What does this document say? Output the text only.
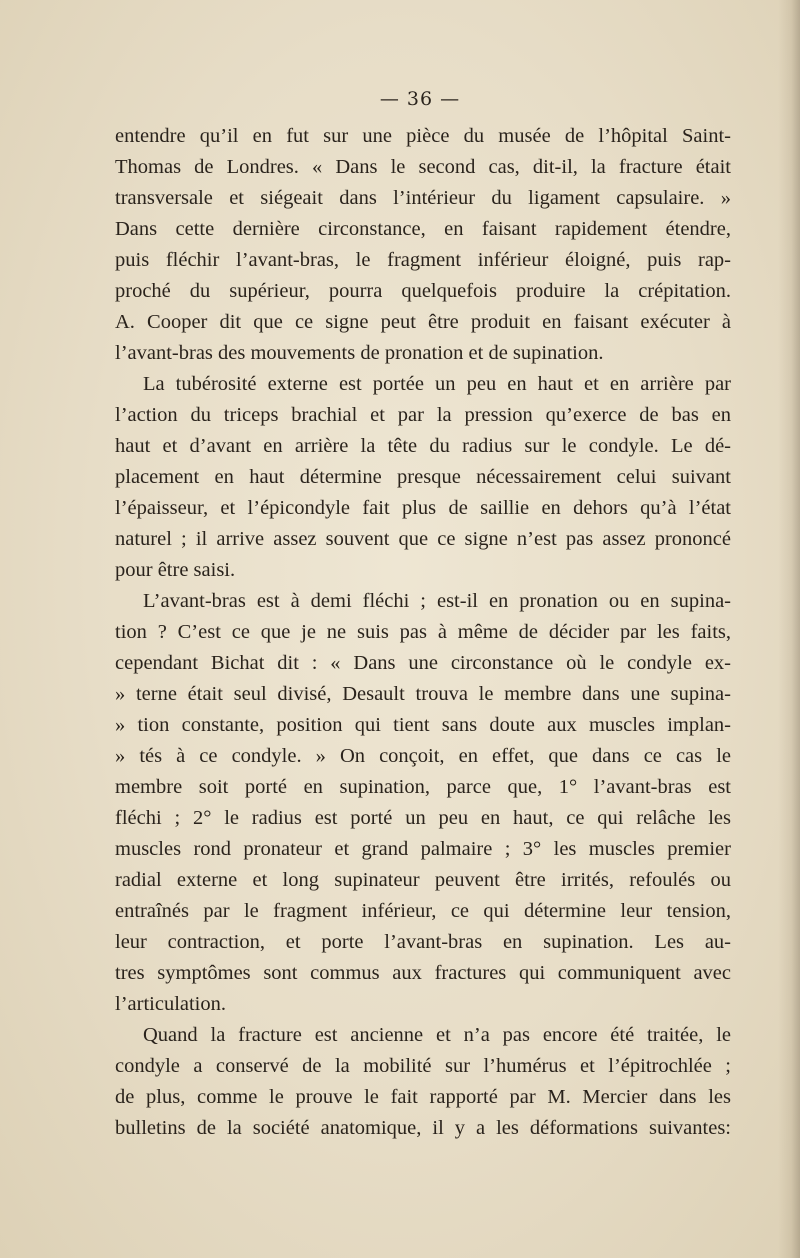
— 36 —
entendre qu’il en fut sur une pièce du musée de l’hôpital Saint-
Thomas de Londres. « Dans le second cas, dit-il, la fracture était
transversale et siégeait dans l’intérieur du ligament capsulaire. »
Dans cette dernière circonstance, en faisant rapidement étendre,
puis fléchir l’avant-bras, le fragment inférieur éloigné, puis rap-
proché du supérieur, pourra quelquefois produire la crépitation.
A. Cooper dit que ce signe peut être produit en faisant exécuter à
l’avant-bras des mouvements de pronation et de supination.
La tubérosité externe est portée un peu en haut et en arrière par
l’action du triceps brachial et par la pression qu’exerce de bas en
haut et d’avant en arrière la tête du radius sur le condyle. Le dé-
placement en haut détermine presque nécessairement celui suivant
l’épaisseur, et l’épicondyle fait plus de saillie en dehors qu’à l’état
naturel ; il arrive assez souvent que ce signe n’est pas assez prononcé
pour être saisi.
L’avant-bras est à demi fléchi ; est-il en pronation ou en supina-
tion ? C’est ce que je ne suis pas à même de décider par les faits,
cependant Bichat dit : « Dans une circonstance où le condyle ex-
» terne était seul divisé, Desault trouva le membre dans une supina-
» tion constante, position qui tient sans doute aux muscles implan-
» tés à ce condyle. » On conçoit, en effet, que dans ce cas le
membre soit porté en supination, parce que, 1° l’avant-bras est
fléchi ; 2° le radius est porté un peu en haut, ce qui relâche les
muscles rond pronateur et grand palmaire ; 3° les muscles premier
radial externe et long supinateur peuvent être irrités, refoulés ou
entraînés par le fragment inférieur, ce qui détermine leur tension,
leur contraction, et porte l’avant-bras en supination. Les au-
tres symptômes sont commus aux fractures qui communiquent avec
l’articulation.
Quand la fracture est ancienne et n’a pas encore été traitée, le
condyle a conservé de la mobilité sur l’humérus et l’épitrochlée ;
de plus, comme le prouve le fait rapporté par M. Mercier dans les
bulletins de la société anatomique, il y a les déformations suivantes:
